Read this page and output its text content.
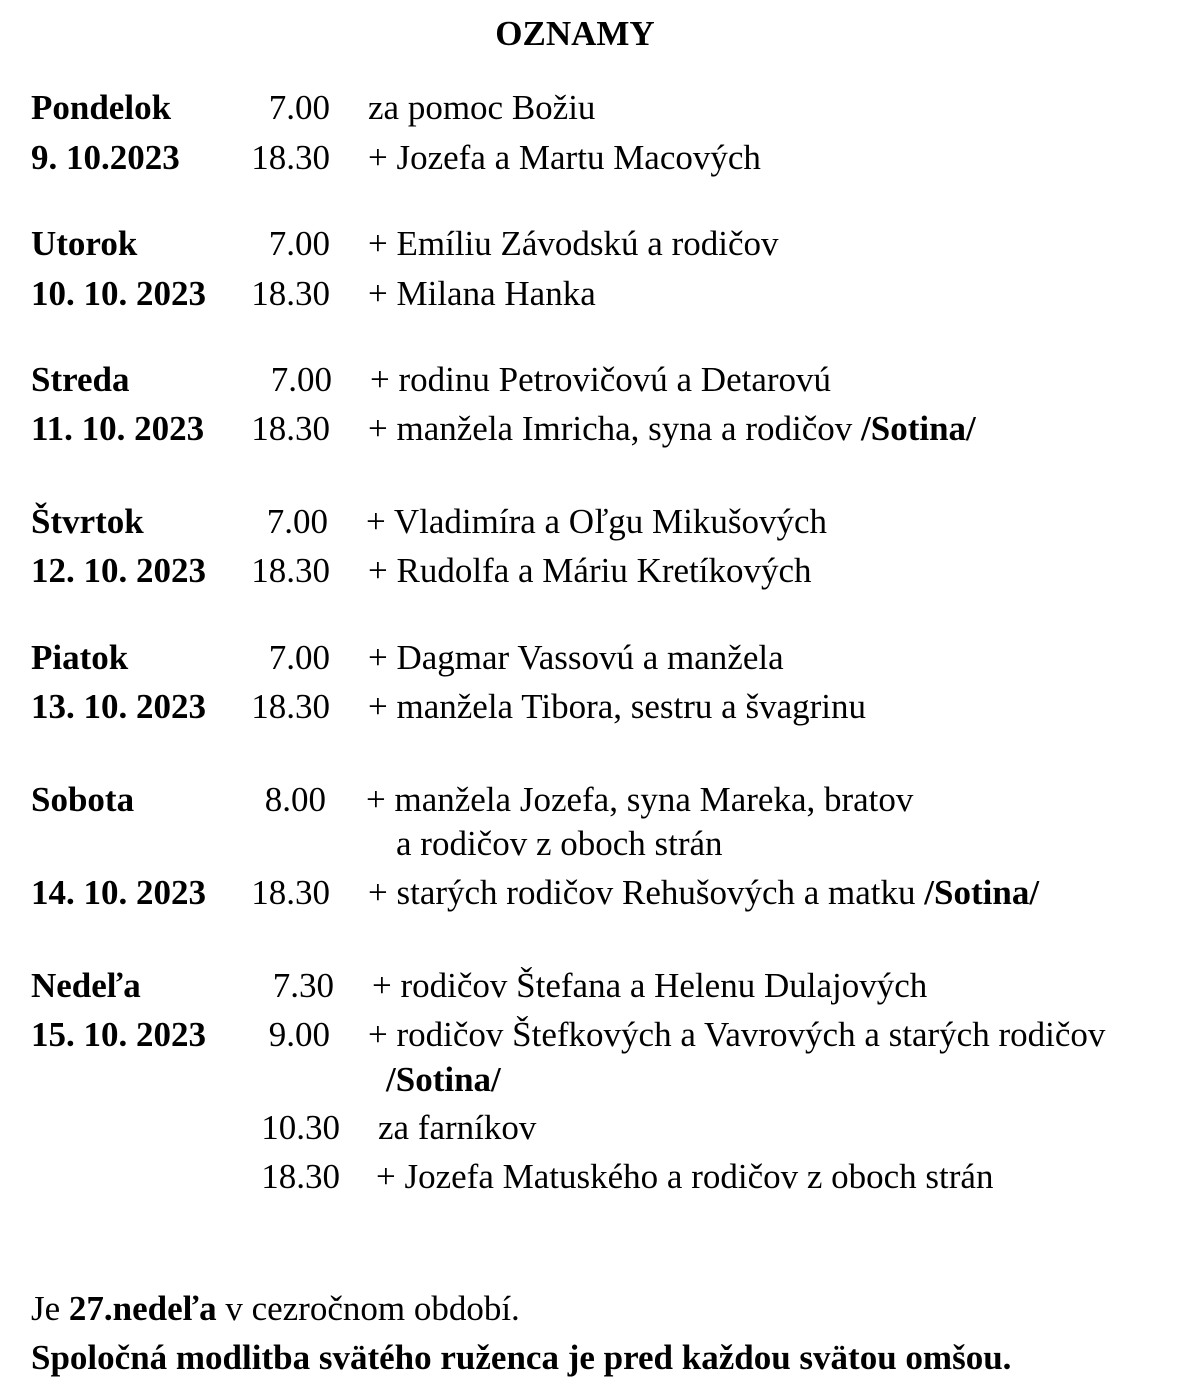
OZNAMY
Pondelok	7.00 za pomoc Božiu
9. 10.2023 18.30 + Jozefa a Martu Macových
Utorok	7.00 + Emíliu Závodskú a rodičov
10. 10. 2023 18.30 + Milana Hanka
Streda	7.00 + rodinu Petrovičovú a Detarovú
11. 10. 2023 18.30 + manžela Imricha, syna a rodičov /Sotina/
Štvrtok	7.00 + Vladimíra a Oľgu Mikušových
12. 10. 2023 18.30 + Rudolfa a Máriu Kretíkových
Piatok	7.00 + Dagmar Vassovú a manžela
13. 10. 2023 18.30 + manžela Tibora, sestru a švagrinu
Sobota	8.00 + manžela Jozefa, syna Mareka, bratov
a rodičov z oboch strán
14. 10. 2023 18.30 + starých rodičov Rehušových a matku /Sotina/
Nedeľa	7.30 + rodičov Štefana a Helenu Dulajových
15. 10. 2023 9.00 + rodičov Štefkových a Vavrových a starých rodičov
/Sotina/
10.30 za farníkov
18.30 + Jozefa Matuského a rodičov z oboch strán
Je 27.nedeľa v cezročnom období.
Spoločná modlitba svätého ruženca je pred každou svätou omšou.
